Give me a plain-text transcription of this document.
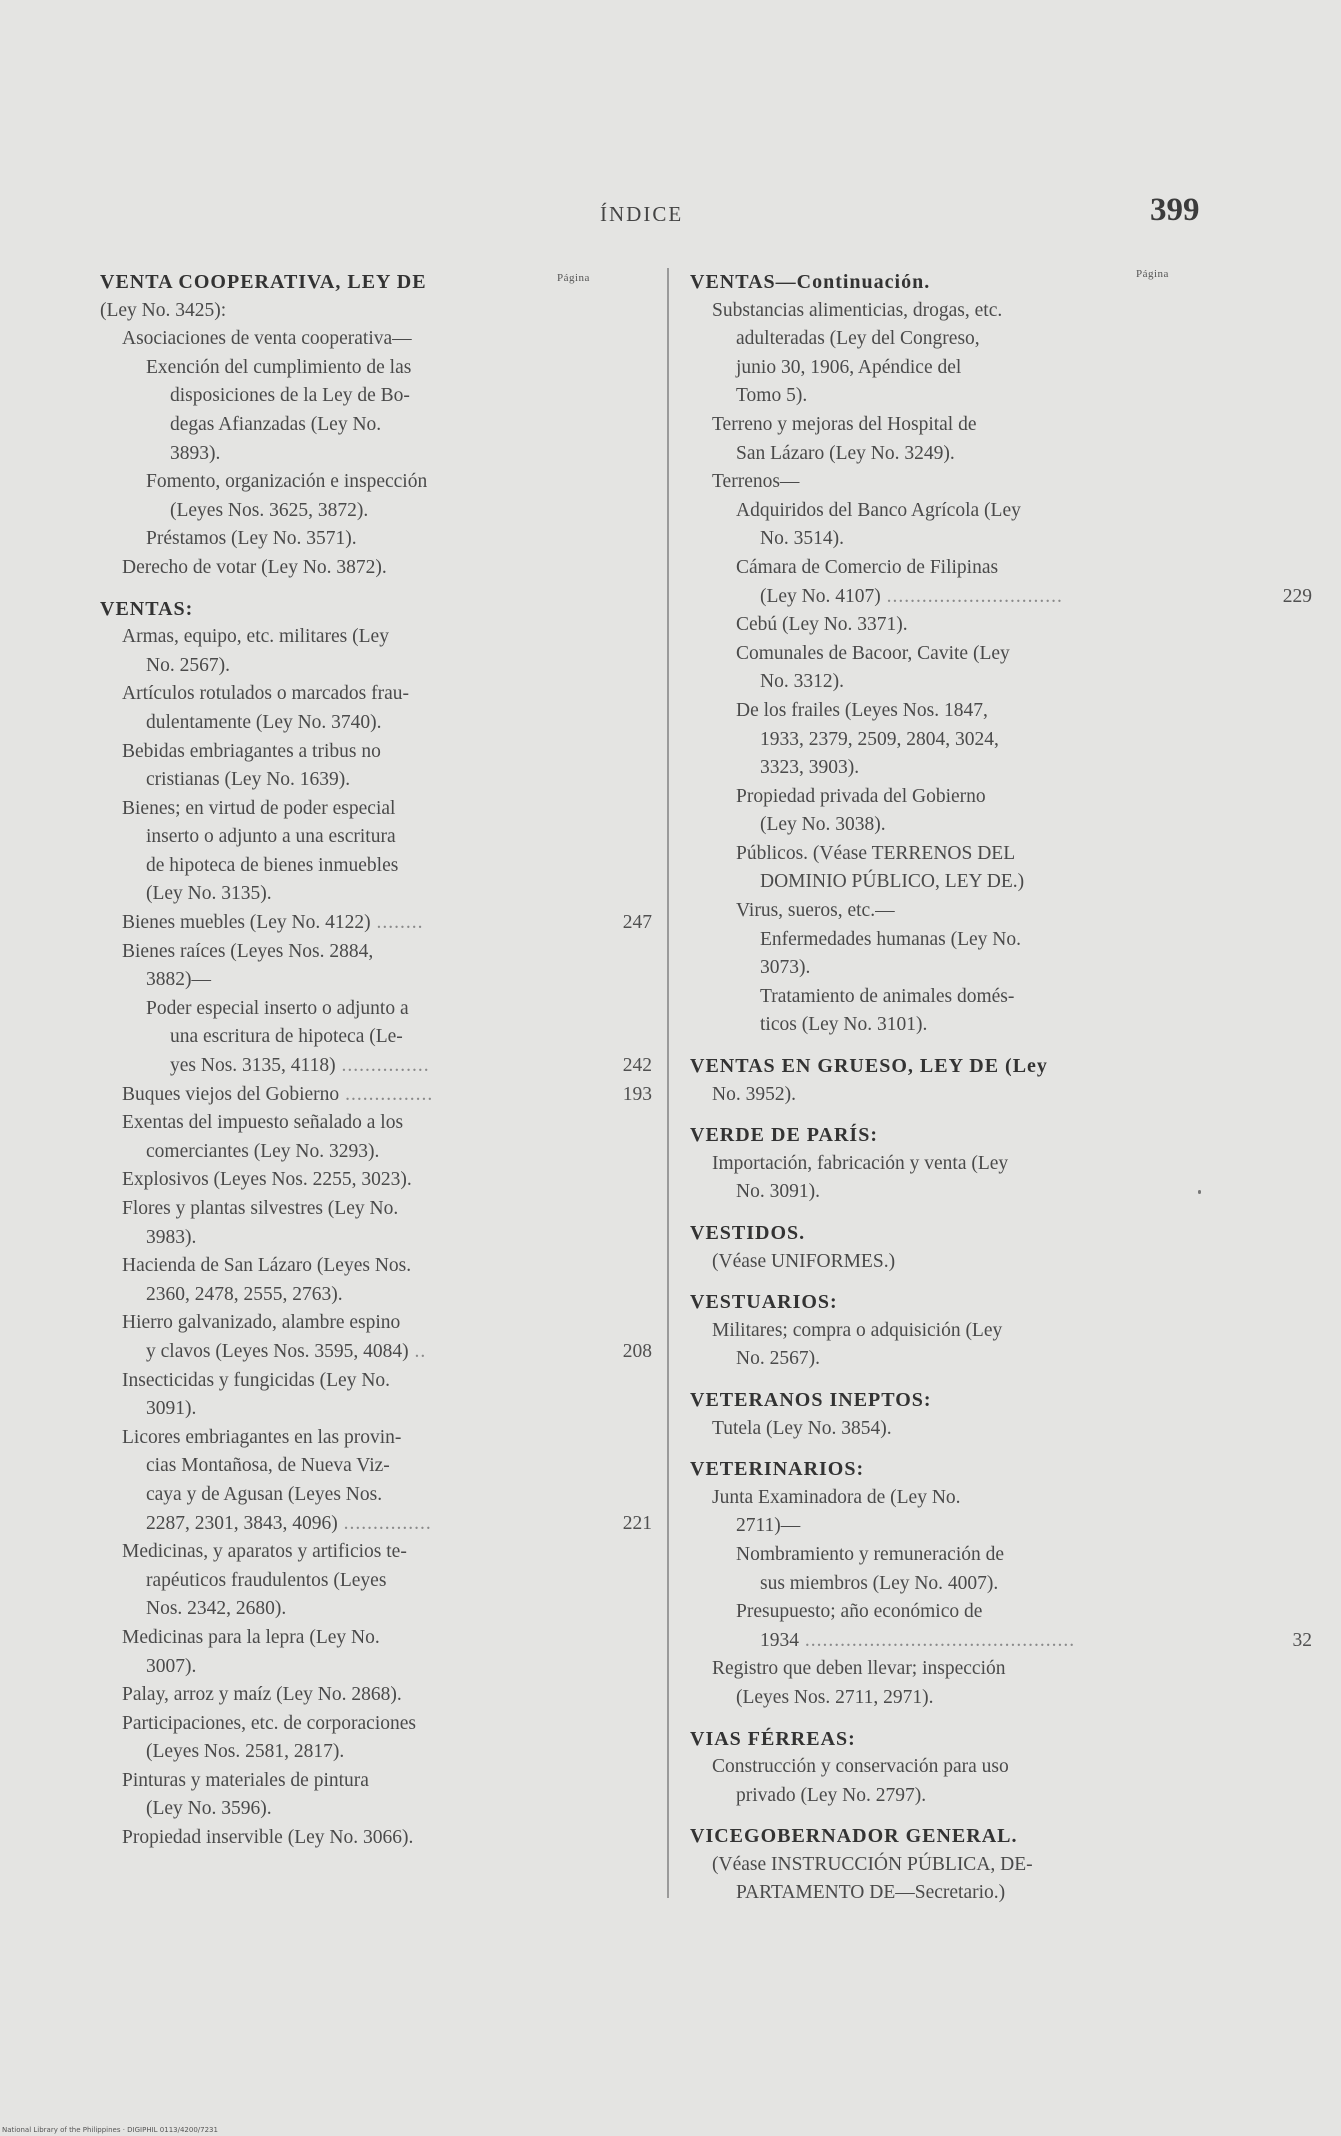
ÍNDICE	399
Página	Página
VENTA COOPERATIVA, LEY DE
(Ley No. 3425):
Asociaciones de venta cooperativa—
Exención del cumplimiento de las
disposiciones de la Ley de Bo-
degas Afianzadas (Ley No.
3893).
Fomento, organización e inspección
(Leyes Nos. 3625, 3872).
Préstamos (Ley No. 3571).
Derecho de votar (Ley No. 3872).
VENTAS:
Armas, equipo, etc. militares (Ley
No. 2567).
Artículos rotulados o marcados frau-
dulentamente (Ley No. 3740).
Bebidas embriagantes a tribus no
cristianas (Ley No. 1639).
Bienes; en virtud de poder especial
inserto o adjunto a una escritura
de hipoteca de bienes inmuebles
(Ley No. 3135).
Bienes muebles (Ley No. 4122) ........	247
Bienes raíces (Leyes Nos. 2884,
3882)—
Poder especial inserto o adjunto a
una escritura de hipoteca (Le-
yes Nos. 3135, 4118) ...............	242
Buques viejos del Gobierno ...............	193
Exentas del impuesto señalado a los
comerciantes (Ley No. 3293).
Explosivos (Leyes Nos. 2255, 3023).
Flores y plantas silvestres (Ley No.
3983).
Hacienda de San Lázaro (Leyes Nos.
2360, 2478, 2555, 2763).
Hierro galvanizado, alambre espino
y clavos (Leyes Nos. 3595, 4084) ..	208
Insecticidas y fungicidas (Ley No.
3091).
Licores embriagantes en las provin-
cias Montañosa, de Nueva Viz-
caya y de Agusan (Leyes Nos.
2287, 2301, 3843, 4096) ...............	221
Medicinas, y aparatos y artificios te-
rapéuticos fraudulentos (Leyes
Nos. 2342, 2680).
Medicinas para la lepra (Ley No.
3007).
Palay, arroz y maíz (Ley No. 2868).
Participaciones, etc. de corporaciones
(Leyes Nos. 2581, 2817).
Pinturas y materiales de pintura
(Ley No. 3596).
Propiedad inservible (Ley No. 3066).
VENTAS—Continuación.
Substancias alimenticias, drogas, etc.
adulteradas (Ley del Congreso,
junio 30, 1906, Apéndice del
Tomo 5).
Terreno y mejoras del Hospital de
San Lázaro (Ley No. 3249).
Terrenos—
Adquiridos del Banco Agrícola (Ley
No. 3514).
Cámara de Comercio de Filipinas
(Ley No. 4107) ..............................	229
Cebú (Ley No. 3371).
Comunales de Bacoor, Cavite (Ley
No. 3312).
De los frailes (Leyes Nos. 1847,
1933, 2379, 2509, 2804, 3024,
3323, 3903).
Propiedad privada del Gobierno
(Ley No. 3038).
Públicos. (Véase TERRENOS DEL
DOMINIO PÚBLICO, LEY DE.)
Virus, sueros, etc.—
Enfermedades humanas (Ley No.
3073).
Tratamiento de animales domés-
ticos (Ley No. 3101).
VENTAS EN GRUESO, LEY DE (Ley
No. 3952).
VERDE DE PARÍS:
Importación, fabricación y venta (Ley
No. 3091).
VESTIDOS.
(Véase UNIFORMES.)
VESTUARIOS:
Militares; compra o adquisición (Ley
No. 2567).
VETERANOS INEPTOS:
Tutela (Ley No. 3854).
VETERINARIOS:
Junta Examinadora de (Ley No.
2711)—
Nombramiento y remuneración de
sus miembros (Ley No. 4007).
Presupuesto; año económico de
1934 ..............................................	32
Registro que deben llevar; inspección
(Leyes Nos. 2711, 2971).
VIAS FÉRREAS:
Construcción y conservación para uso
privado (Ley No. 2797).
VICEGOBERNADOR GENERAL.
(Véase INSTRUCCIÓN PÚBLICA, DE-
PARTAMENTO DE—Secretario.)
National Library of the Philippines · DIGIPHIL 0113/4200/7231
